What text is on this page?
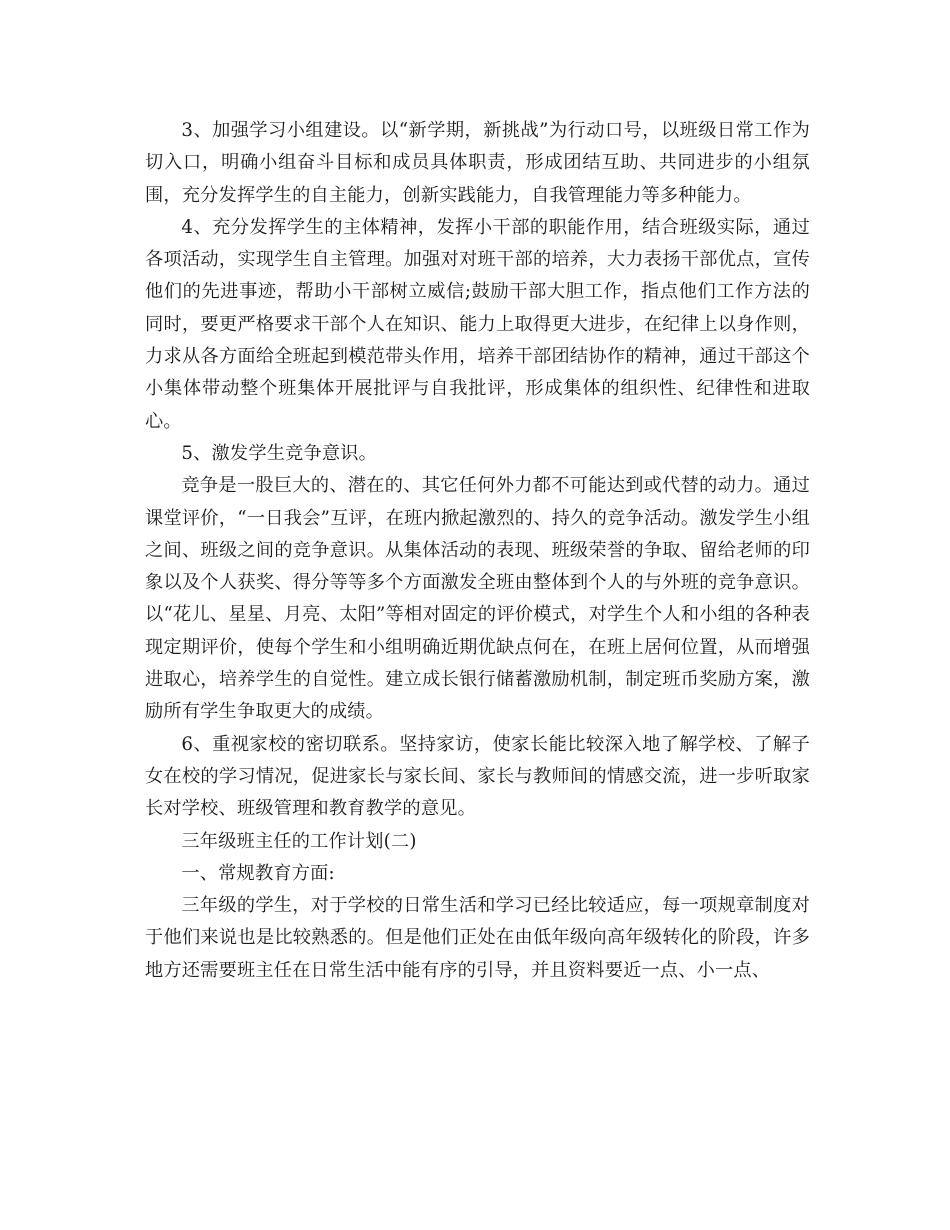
3、加强学习小组建设。以“新学期，新挑战”为行动口号，以班级日常工作为切入口，明确小组奋斗目标和成员具体职责，形成团结互助、共同进步的小组氛围，充分发挥学生的自主能力，创新实践能力，自我管理能力等多种能力。

4、充分发挥学生的主体精神，发挥小干部的职能作用，结合班级实际，通过各项活动，实现学生自主管理。加强对对班干部的培养，大力表扬干部优点，宣传他们的先进事迹，帮助小干部树立威信;鼓励干部大胆工作，指点他们工作方法的同时，要更严格要求干部个人在知识、能力上取得更大进步，在纪律上以身作则，力求从各方面给全班起到模范带头作用，培养干部团结协作的精神，通过干部这个小集体带动整个班集体开展批评与自我批评，形成集体的组织性、纪律性和进取心。

5、激发学生竞争意识。

竞争是一股巨大的、潜在的、其它任何外力都不可能达到或代替的动力。通过课堂评价，“一日我会”互评，在班内掀起激烈的、持久的竞争活动。激发学生小组之间、班级之间的竞争意识。从集体活动的表现、班级荣誉的争取、留给老师的印象以及个人获奖、得分等等多个方面激发全班由整体到个人的与外班的竞争意识。以“花儿、星星、月亮、太阳”等相对固定的评价模式，对学生个人和小组的各种表现定期评价，使每个学生和小组明确近期优缺点何在，在班上居何位置，从而增强进取心，培养学生的自觉性。建立成长银行储蓄激励机制，制定班币奖励方案，激励所有学生争取更大的成绩。

6、重视家校的密切联系。坚持家访，使家长能比较深入地了解学校、了解子女在校的学习情况，促进家长与家长间、家长与教师间的情感交流，进一步听取家长对学校、班级管理和教育教学的意见。

三年级班主任的工作计划(二)

一、常规教育方面:

三年级的学生，对于学校的日常生活和学习已经比较适应，每一项规章制度对于他们来说也是比较熟悉的。但是他们正处在由低年级向高年级转化的阶段，许多地方还需要班主任在日常生活中能有序的引导，并且资料要近一点、小一点、
